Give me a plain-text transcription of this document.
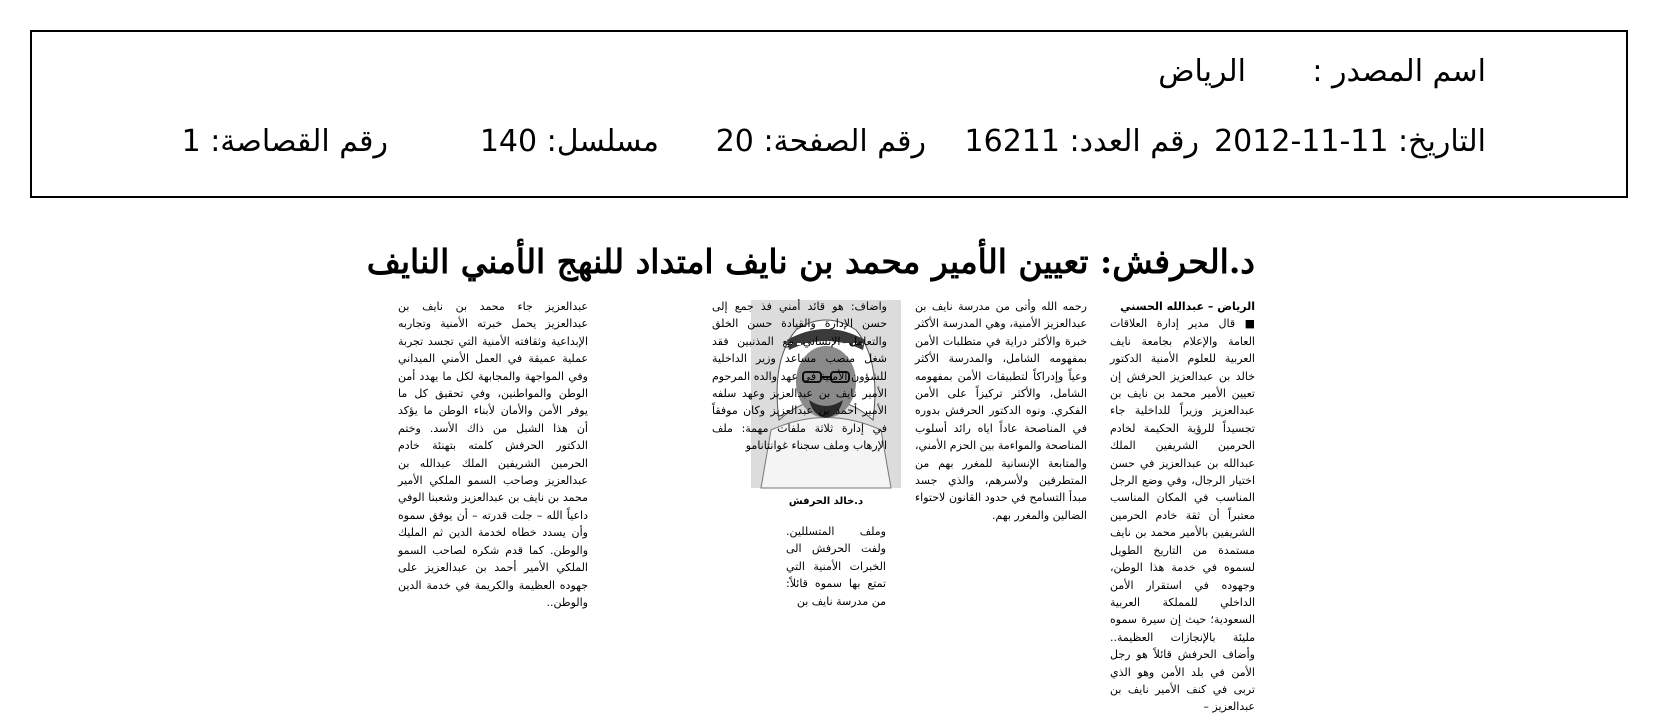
اسم المصدر :
الرياض
التاريخ: 11-11-2012
رقم العدد: 16211
رقم الصفحة: 20
مسلسل: 140
رقم القصاصة: 1
د.الحرفش: تعيين الأمير محمد بن نايف امتداد للنهج الأمني النايف

الرياض – عبدالله الحسني

■ قال مدير إدارة العلاقات العامة والإعلام بجامعة نايف العربية للعلوم الأمنية الدكتور خالد بن عبدالعزيز الحرفش إن تعيين الأمير محمد بن نايف بن عبدالعزيز وزيراً للداخلية جاء تجسيداً للرؤية الحكيمة لخادم الحرمين الشريفين الملك عبدالله بن عبدالعزيز في حسن اختيار الرجال، وفي وضع الرجل المناسب في المكان المناسب معتبراً أن ثقة خادم الحرمين الشريفين بالأمير محمد بن نايف مستمدة من التاريخ الطويل لسموه في خدمة هذا الوطن، وجهوده في استقرار الأمن الداخلي للمملكة العربية السعودية؛ حيث إن سيرة سموه مليئة بالإنجازات العظيمة.. وأضاف الحرفش قائلاً هو رجل الأمن في بلد الأمن وهو الذي تربى في كنف الأمير نايف بن عبدالعزيز –

رحمه الله وأتى من مدرسة نايف بن عبدالعزيز الأمنية، وهي المدرسة الأكثر خبرة والأكثر دراية في متطلبات الأمن بمفهومه الشامل، والمدرسة الأكثر وعياً وإدراكاً لتطبيقات الأمن بمفهومه الشامل، والأكثر تركيزاً على الأمن الفكري. ونوه الدكتور الحرفش بدوره في المناصحة عاداً اياه رائد أسلوب المناصحة والمواءمة بين الحزم الأمني، والمتابعة الإنسانية للمغرر بهم من المتطرفين ولأسرهم، والذي جسد مبدأ التسامح في حدود القانون لاحتواء الضالين والمغرر بهم.

واضاف: هو قائد أمني فذ جمع إلى حسن الإدارة والقيادة حسن الخلق والتعامل الإنساني مع المذنبين فقد شغل منصب مساعد وزير الداخلية للشؤون الأمنية في عهد والده المرحوم الأمير نايف بن عبدالعزيز وعهد سلفه الأمير أحمد بن عبدالعزيز وكان موفقاً في إدارة ثلاثة ملفات مهمة: ملف الإرهاب وملف سجناء غوانتانامو

د.خالد الحرفش

وملف المتسللين. ولفت الحرفش الى الخبرات الأمنية التي تمتع بها سموه قائلاً: من مدرسة نايف بن

عبدالعزيز جاء محمد بن نايف بن عبدالعزيز يحمل خبرته الأمنية وتجاربه الإبداعية وثقافته الأمنية التي تجسد تجربة عملية عميقة في العمل الأمني الميداني وفي المواجهة والمجابهة لكل ما يهدد أمن الوطن والمواطنين، وفي تحقيق كل ما يوفر الأمن والأمان لأبناء الوطن ما يؤكد أن هذا الشبل من ذاك الأسد. وختم الدكتور الحرفش كلمته بتهنئة خادم الحرمين الشريفين الملك عبدالله بن عبدالعزيز وصاحب السمو الملكي الأمير محمد بن نايف بن عبدالعزيز وشعبنا الوفي داعياً الله – جلت قدرته – أن يوفق سموه وأن يسدد خطاه لخدمة الدين ثم المليك والوطن. كما قدم شكره لصاحب السمو الملكي الأمير أحمد بن عبدالعزيز على جهوده العظيمة والكريمة في خدمة الدين والوطن..
